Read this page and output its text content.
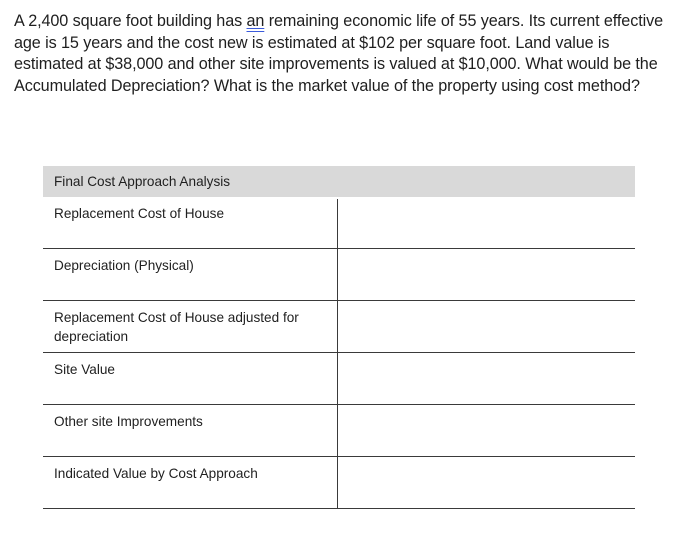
A 2,400 square foot building has an remaining economic life of 55 years. Its current effective
age is 15 years and the cost new is estimated at $102 per square foot. Land value is
estimated at $38,000 and other site improvements is valued at $10,000. What would be the
Accumulated Depreciation? What is the market value of the property using cost method?

Final Cost Approach Analysis
Replacement Cost of House
Depreciation (Physical)
Replacement Cost of House adjusted for depreciation
Site Value
Other site Improvements
Indicated Value by Cost Approach
